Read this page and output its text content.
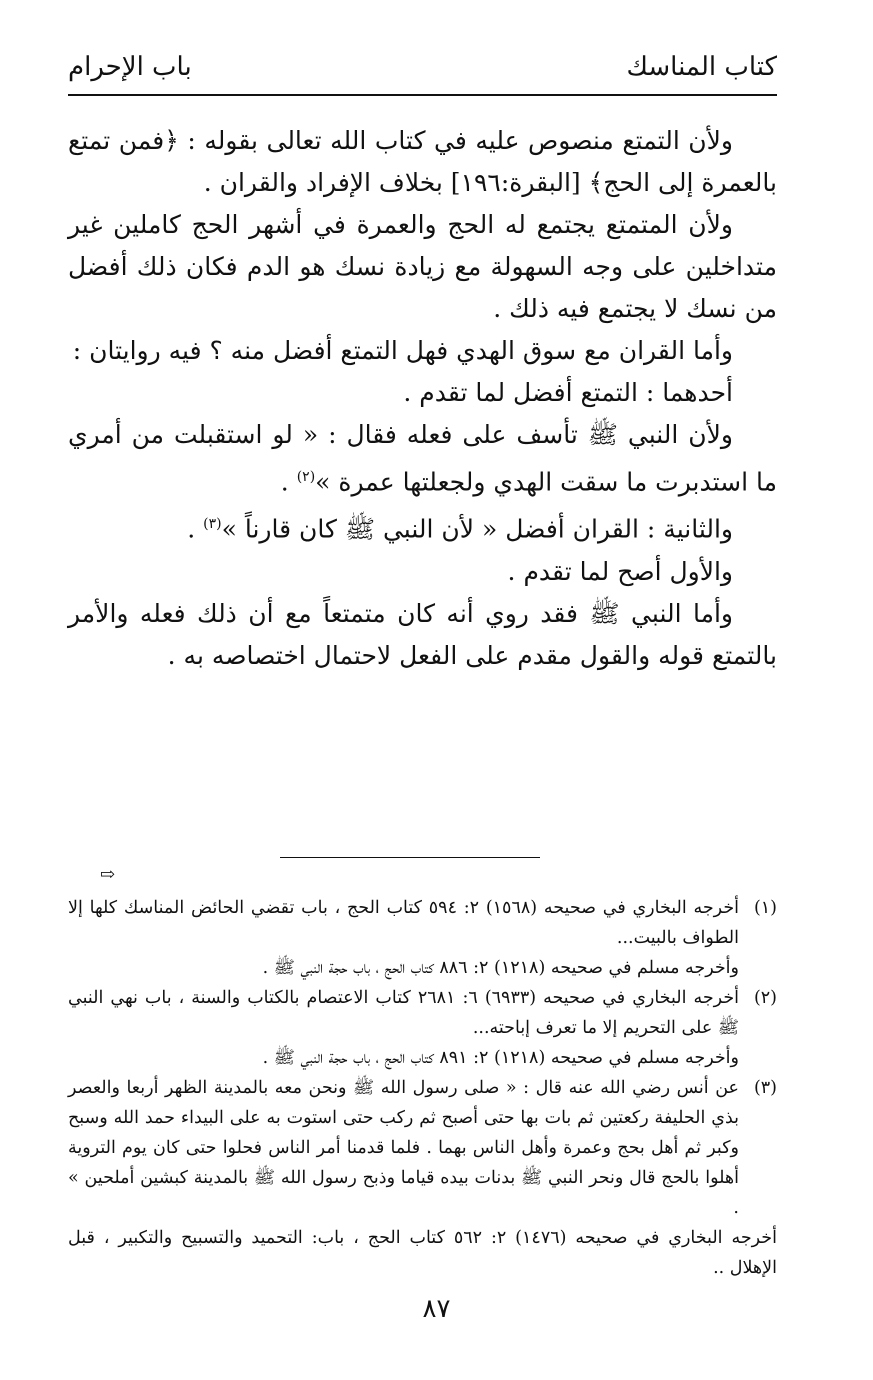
كتاب المناسك
باب الإحرام

ولأن التمتع منصوص عليه في كتاب الله تعالى بقوله : ﴿فمن تمتع بالعمرة إلى الحج﴾ [البقرة:١٩٦] بخلاف الإفراد والقران .

ولأن المتمتع يجتمع له الحج والعمرة في أشهر الحج كاملين غير متداخلين على وجه السهولة مع زيادة نسك هو الدم فكان ذلك أفضل من نسك لا يجتمع فيه ذلك .

وأما القران مع سوق الهدي فهل التمتع أفضل منه ؟ فيه روايتان :

أحدهما : التمتع أفضل لما تقدم .

ولأن النبي ﷺ تأسف على فعله فقال : « لو استقبلت من أمري ما استدبرت ما سقت الهدي ولجعلتها عمرة »$^{(٢)}$ .

والثانية : القران أفضل « لأن النبي ﷺ كان قارناً »$^{(٣)}$ .

والأول أصح لما تقدم .

وأما النبي ﷺ فقد روي أنه كان متمتعاً مع أن ذلك فعله والأمر بالتمتع قوله والقول مقدم على الفعل لاحتمال اختصاصه به .

⇨
(١)
أخرجه البخاري في صحيحه (١٥٦٨) ٢: ٥٩٤ كتاب الحج ، باب تقضي الحائض المناسك كلها إلا الطواف بالبيت...

وأخرجه مسلم في صحيحه (١٢١٨) ٢: ٨٨٦ كتاب الحج ، باب حجة النبي ﷺ .

(٢)
أخرجه البخاري في صحيحه (٦٩٣٣) ٦: ٢٦٨١ كتاب الاعتصام بالكتاب والسنة ، باب نهي النبي ﷺ على التحريم إلا ما تعرف إباحته...

وأخرجه مسلم في صحيحه (١٢١٨) ٢: ٨٩١ كتاب الحج ، باب حجة النبي ﷺ .

(٣)
عن أنس رضي الله عنه قال : « صلى رسول الله ﷺ ونحن معه بالمدينة الظهر أربعا والعصر بذي الحليفة ركعتين ثم بات بها حتى أصبح ثم ركب حتى استوت به على البيداء حمد الله وسبح وكبر ثم أهل بحج وعمرة وأهل الناس بهما . فلما قدمنا أمر الناس فحلوا حتى كان يوم التروية أهلوا بالحج قال ونحر النبي ﷺ بدنات بيده قياما وذبح رسول الله ﷺ بالمدينة كبشين أملحين » .

أخرجه البخاري في صحيحه (١٤٧٦) ٢: ٥٦٢ كتاب الحج ، باب: التحميد والتسبيح والتكبير ، قبل الإهلال ..

٨٧
